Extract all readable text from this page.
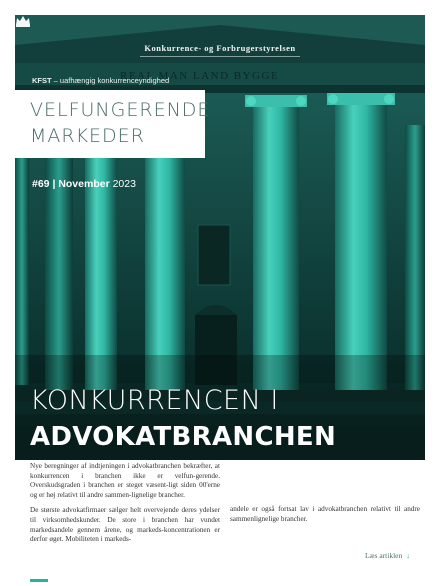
REAL MAN LAND BYGGE
Konkurrence- og Forbrugerstyrelsen
KFST – uafhængig konkurrenceyndighed
#69 | November 2023
KONKURRENCEN I
ADVOKATBRANCHEN
VELFUNGERENDE
MARKEDER

Nye beregninger af indtjeningen i advokatbranchen bekræfter, at konkurrencen i branchen ikke er velfun-gerende. Overskudsgraden i branchen er steget væsent-ligt siden 00'erne og er høj relativt til andre sammen-lignelige brancher.

De største advokatfirmaer sælger helt overvejende deres ydelser til virksomhedskunder. De store i branchen har vundet markedsandele gennem årene, og markeds-koncentrationen er derfor øget. Mobiliteten i markeds-

andele er også fortsat lav i advokatbranchen relativt til andre sammenlignelige brancher.

Læs artiklen ↓
